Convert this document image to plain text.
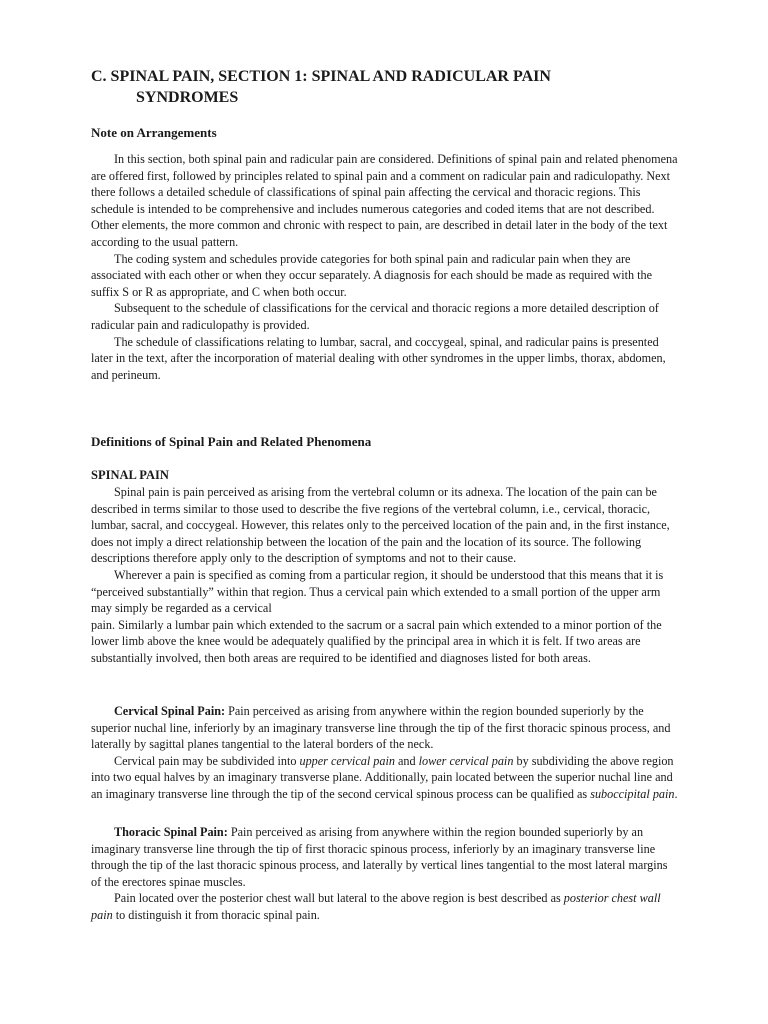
C. SPINAL PAIN, SECTION 1: SPINAL AND RADICULAR PAIN
SYNDROMES
Note on Arrangements

In this section, both spinal pain and radicular pain are considered. Definitions of spinal pain and related phenomena are offered first, followed by principles related to spinal pain and a comment on radicular pain and radiculopathy. Next there follows a detailed schedule of classifications of spinal pain affecting the cervical and thoracic regions. This schedule is intended to be comprehensive and includes numerous categories and coded items that are not described. Other elements, the more common and chronic with respect to pain, are described in detail later in the body of the text according to the usual pattern.

The coding system and schedules provide categories for both spinal pain and radicular pain when they are associated with each other or when they occur separately. A diagnosis for each should be made as required with the suffix S or R as appropriate, and C when both occur.

Subsequent to the schedule of classifications for the cervical and thoracic regions a more detailed description of radicular pain and radiculopathy is provided.

The schedule of classifications relating to lumbar, sacral, and coccygeal, spinal, and radicular pains is presented later in the text, after the incorporation of material dealing with other syndromes in the upper limbs, thorax, abdomen, and perineum.

Definitions of Spinal Pain and Related Phenomena
SPINAL PAIN

Spinal pain is pain perceived as arising from the vertebral column or its adnexa. The location of the pain can be described in terms similar to those used to describe the five regions of the vertebral column, i.e., cervical, thoracic, lumbar, sacral, and coccygeal. However, this relates only to the perceived location of the pain and, in the first instance, does not imply a direct relationship between the location of the pain and the location of its source. The following descriptions therefore apply only to the description of symptoms and not to their cause.

Wherever a pain is specified as coming from a particular region, it should be understood that this means that it is “perceived substantially” within that region. Thus a cervical pain which extended to a small portion of the upper arm may simply be regarded as a cervical

pain. Similarly a lumbar pain which extended to the sacrum or a sacral pain which extended to a minor portion of the lower limb above the knee would be adequately qualified by the principal area in which it is felt. If two areas are substantially involved, then both areas are required to be identified and diagnoses listed for both areas.

Cervical Spinal Pain: Pain perceived as arising from anywhere within the region bounded superiorly by the superior nuchal line, inferiorly by an imaginary transverse line through the tip of the first thoracic spinous process, and laterally by sagittal planes tangential to the lateral borders of the neck.

Cervical pain may be subdivided into upper cervical pain and lower cervical pain by subdividing the above region into two equal halves by an imaginary transverse plane. Additionally, pain located between the superior nuchal line and an imaginary transverse line through the tip of the second cervical spinous process can be qualified as suboccipital pain.

Thoracic Spinal Pain: Pain perceived as arising from anywhere within the region bounded superiorly by an imaginary transverse line through the tip of first thoracic spinous process, inferiorly by an imaginary transverse line through the tip of the last thoracic spinous process, and laterally by vertical lines tangential to the most lateral margins of the erectores spinae muscles.

Pain located over the posterior chest wall but lateral to the above region is best described as posterior chest wall pain to distinguish it from thoracic spinal pain.
